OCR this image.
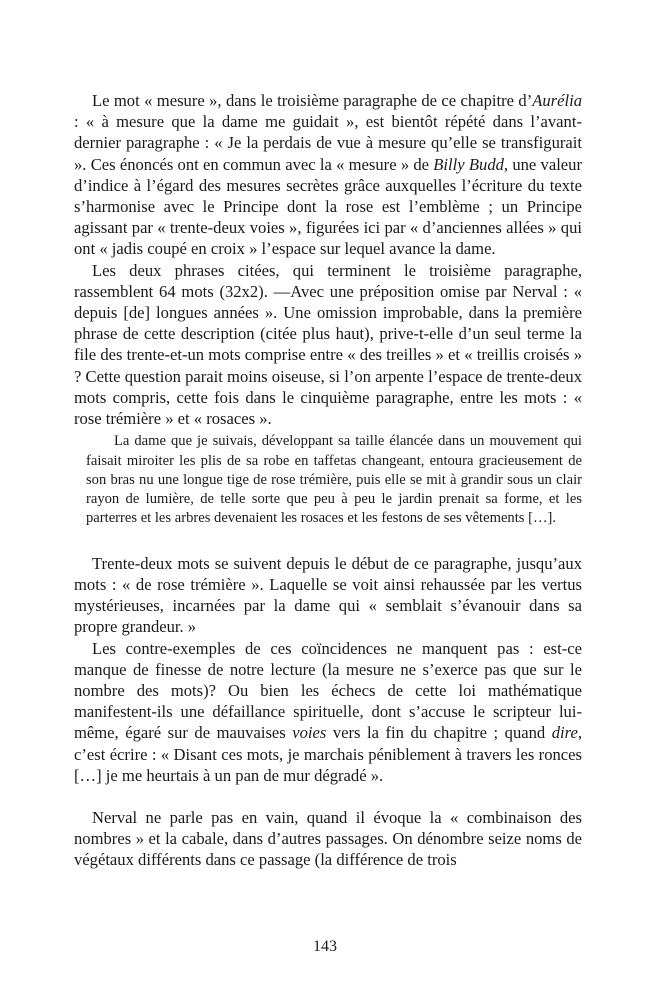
Le mot « mesure », dans le troisième paragraphe de ce chapitre d’Aurélia : « à mesure que la dame me guidait », est bientôt répété dans l’avant-dernier paragraphe : « Je la perdais de vue à mesure qu’elle se transfigurait ». Ces énoncés ont en commun avec la « mesure » de Billy Budd, une valeur d’indice à l’égard des mesures secrètes grâce auxquelles l’écriture du texte s’harmonise avec le Principe dont la rose est l’emblème ; un Principe agissant par « trente-deux voies », figurées ici par « d’anciennes allées » qui ont « jadis coupé en croix » l’espace sur lequel avance la dame.

Les deux phrases citées, qui terminent le troisième paragraphe, rassemblent 64 mots (32x2). —Avec une préposition omise par Nerval : « depuis [de] longues années ». Une omission improbable, dans la première phrase de cette description (citée plus haut), prive-t-elle d’un seul terme la file des trente-et-un mots comprise entre « des treilles » et « treillis croisés » ? Cette question parait moins oiseuse, si l’on arpente l’espace de trente-deux mots compris, cette fois dans le cinquième paragraphe, entre les mots : « rose trémière » et « rosaces ».

La dame que je suivais, développant sa taille élancée dans un mouvement qui faisait miroiter les plis de sa robe en taffetas changeant, entoura gracieusement de son bras nu une longue tige de rose trémière, puis elle se mit à grandir sous un clair rayon de lumière, de telle sorte que peu à peu le jardin prenait sa forme, et les parterres et les arbres devenaient les rosaces et les festons de ses vêtements […].

Trente-deux mots se suivent depuis le début de ce paragraphe, jusqu’aux mots : « de rose trémière ». Laquelle se voit ainsi rehaussée par les vertus mystérieuses, incarnées par la dame qui « semblait s’évanouir dans sa propre grandeur. »

Les contre-exemples de ces coïncidences ne manquent pas : est-ce manque de finesse de notre lecture (la mesure ne s’exerce pas que sur le nombre des mots)? Ou bien les échecs de cette loi mathématique manifestent-ils une défaillance spirituelle, dont s’accuse le scripteur lui-même, égaré sur de mauvaises voies vers la fin du chapitre ; quand dire, c’est écrire : « Disant ces mots, je marchais péniblement à travers les ronces […] je me heurtais à un pan de mur dégradé ».

Nerval ne parle pas en vain, quand il évoque la « combinaison des nombres » et la cabale, dans d’autres passages. On dénombre seize noms de végétaux différents dans ce passage (la différence de trois

143
